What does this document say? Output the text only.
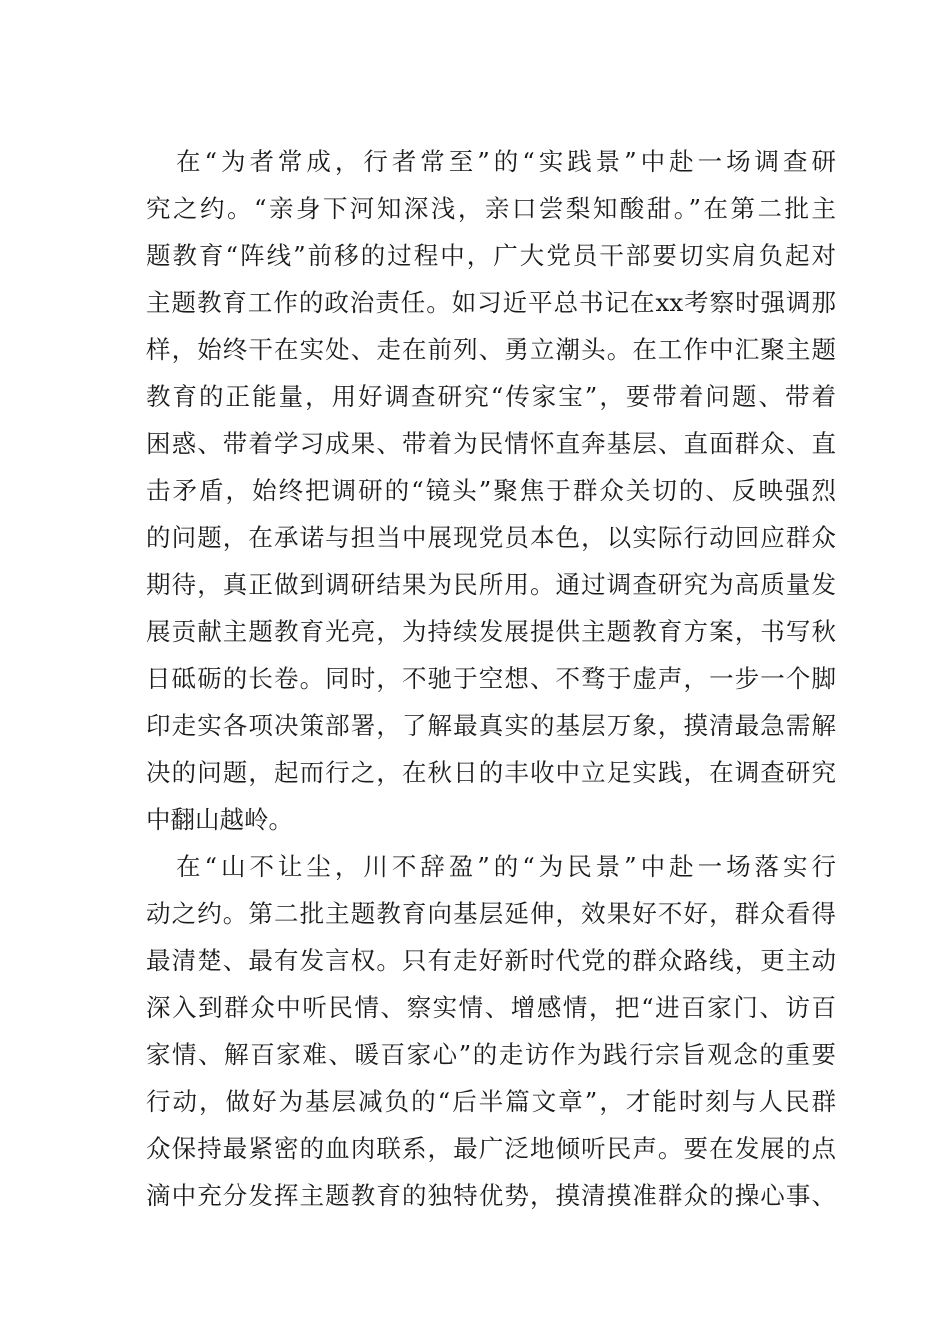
在“为者常成，行者常至”的“实践景”中赴一场调查研
究之约。“亲身下河知深浅，亲口尝梨知酸甜。”在第二批主
题教育“阵线”前移的过程中，广大党员干部要切实肩负起对
主题教育工作的政治责任。如习近平总书记在xx考察时强调那
样，始终干在实处、走在前列、勇立潮头。在工作中汇聚主题
教育的正能量，用好调查研究“传家宝”，要带着问题、带着
困惑、带着学习成果、带着为民情怀直奔基层、直面群众、直
击矛盾，始终把调研的“镜头”聚焦于群众关切的、反映强烈
的问题，在承诺与担当中展现党员本色，以实际行动回应群众
期待，真正做到调研结果为民所用。通过调查研究为高质量发
展贡献主题教育光亮，为持续发展提供主题教育方案，书写秋
日砥砺的长卷。同时，不驰于空想、不骛于虚声，一步一个脚
印走实各项决策部署，了解最真实的基层万象，摸清最急需解
决的问题，起而行之，在秋日的丰收中立足实践，在调查研究
中翻山越岭。
在“山不让尘，川不辞盈”的“为民景”中赴一场落实行
动之约。第二批主题教育向基层延伸，效果好不好，群众看得
最清楚、最有发言权。只有走好新时代党的群众路线，更主动
深入到群众中听民情、察实情、增感情，把“进百家门、访百
家情、解百家难、暖百家心”的走访作为践行宗旨观念的重要
行动，做好为基层减负的“后半篇文章”，才能时刻与人民群
众保持最紧密的血肉联系，最广泛地倾听民声。要在发展的点
滴中充分发挥主题教育的独特优势，摸清摸准群众的操心事、
